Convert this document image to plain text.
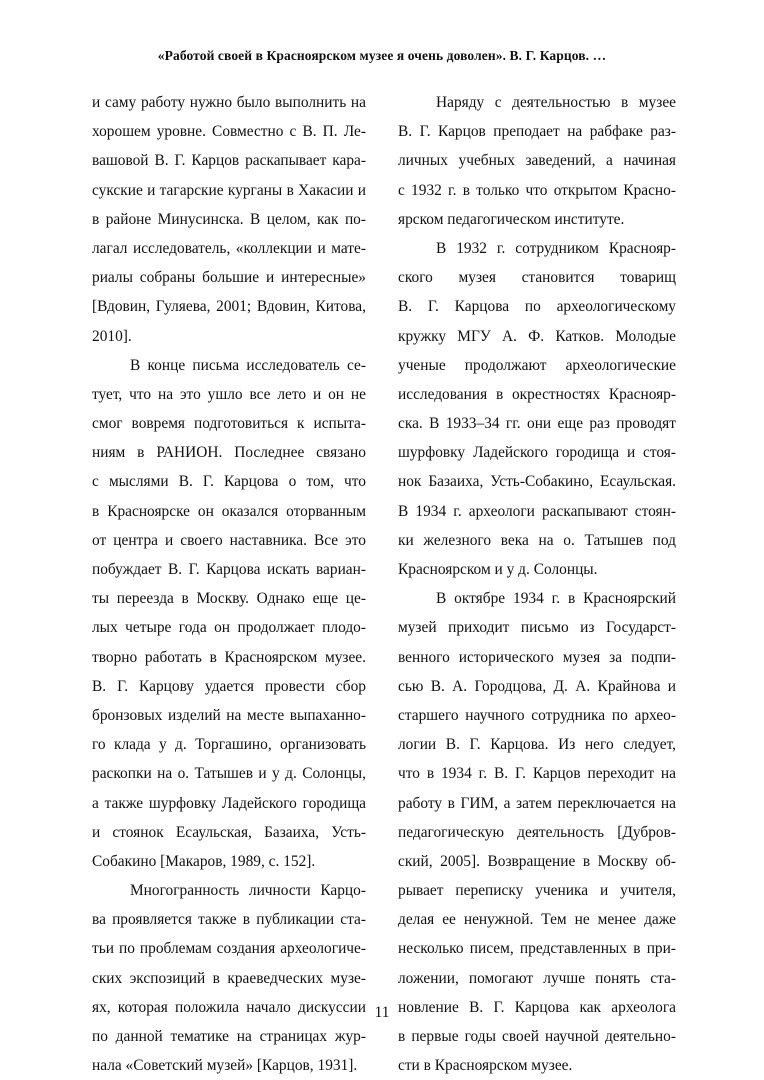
«Работой своей в Красноярском музее я очень доволен». В. Г. Карцов. …
и саму работу нужно было выполнить на
хорошем уровне. Совместно с В. П. Ле-
вашовой В. Г. Карцов раскапывает кара-
сукские и тагарские курганы в Хакасии и
в районе Минусинска. В целом, как по-
лагал исследователь, «коллекции и мате-
риалы собраны большие и интересные»
[Вдовин, Гуляева, 2001; Вдовин, Китова,
2010].
В конце письма исследователь се-
тует, что на это ушло все лето и он не
смог вовремя подготовиться к испыта-
ниям в РАНИОН. Последнее связано
с мыслями В. Г. Карцова о том, что
в Красноярске он оказался оторванным
от центра и своего наставника. Все это
побуждает В. Г. Карцова искать вариан-
ты переезда в Москву. Однако еще це-
лых четыре года он продолжает плодо-
творно работать в Красноярском музее.
В. Г. Карцову удается провести сбор
бронзовых изделий на месте выпаханно-
го клада у д. Торгашино, организовать
раскопки на о. Татышев и у д. Солонцы,
а также шурфовку Ладейского городища
и стоянок Есаульская, Базаиха, Усть-
Собакино [Макаров, 1989, с. 152].
Многогранность личности Карцо-
ва проявляется также в публикации ста-
тьи по проблемам создания археологиче-
ских экспозиций в краеведческих музе-
ях, которая положила начало дискуссии
по данной тематике на страницах жур-
нала «Советский музей» [Карцов, 1931].
Наряду с деятельностью в музее
В. Г. Карцов преподает на рабфаке раз-
личных учебных заведений, а начиная
с 1932 г. в только что открытом Красно-
ярском педагогическом институте.
В 1932 г. сотрудником Краснояр-
ского музея становится товарищ
В. Г. Карцова по археологическому
кружку МГУ А. Ф. Катков. Молодые
ученые продолжают археологические
исследования в окрестностях Краснояр-
ска. В 1933–34 гг. они еще раз проводят
шурфовку Ладейского городища и стоя-
нок Базаиха, Усть-Собакино, Есаульская.
В 1934 г. археологи раскапывают стоян-
ки железного века на о. Татышев под
Красноярском и у д. Солонцы.
В октябре 1934 г. в Красноярский
музей приходит письмо из Государст-
венного исторического музея за подпи-
сью В. А. Городцова, Д. А. Крайнова и
старшего научного сотрудника по архео-
логии В. Г. Карцова. Из него следует,
что в 1934 г. В. Г. Карцов переходит на
работу в ГИМ, а затем переключается на
педагогическую деятельность [Дубров-
ский, 2005]. Возвращение в Москву об-
рывает переписку ученика и учителя,
делая ее ненужной. Тем не менее даже
несколько писем, представленных в при-
ложении, помогают лучше понять ста-
новление В. Г. Карцова как археолога
в первые годы своей научной деятельно-
сти в Красноярском музее.
11
